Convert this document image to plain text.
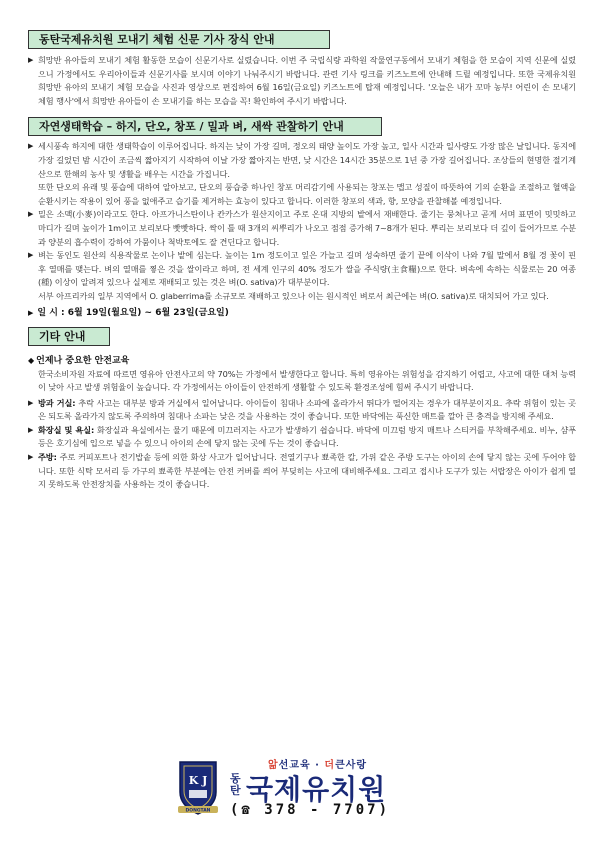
동탄국제유치원 모내기 체험 신문 기사 장식 안내
▶ 희망반 유아들의 모내기 체험 활동한 모습이 신문기사로 실렸습니다. 이번 주 국립식량 과학원 작물연구동에서 모내기 체험을 한 모습이 지역 신문에 실렸으니 가정에서도 우리아이들과 신문기사를 보시며 이야기 나눠주시기 바랍니다. 관련 기사 링크를 키즈노트에 안내해 드릴 예정입니다. 또한 국제유치원 희망반 유아의 모내기 체험 모습을 사진과 영상으로 편집하여 6월 16일(금요일) 키즈노트에 탑재 예정입니다. '오늘은 내가 꼬마 농부! 어린이 손 모내기 체험 행사'에서 희망반 유아들이 손 모내기를 하는 모습을 꼭! 확인하여 주시기 바랍니다.
자연생태학습 – 하지, 단오, 창포 / 밀과 벼, 새싹 관찰하기 안내
▶ 세시풍속 하지에 대한 생태학습이 이루어집니다. 하지는 낮이 가장 길며, 정오의 태양 높이도 가장 높고, 일사 시간과 일사량도 가장 많은 날입니다. 동지에 가장 길었던 밤 시간이 조금씩 짧아지기 시작하여 이날 가장 짧아지는 반면, 낮 시간은 14시간 35분으로 1년 중 가장 길어집니다. 조상들의 현명한 절기계산으로 한해의 농사 및 생활을 배우는 시간을 가집니다.
또한 단오의 유래 및 풍습에 대하여 알아보고, 단오의 풍습중 하나인 창포 머리감기에 사용되는 창포는 맵고 성질이 따뜻하여 기의 순환을 조절하고 혈액을 순환시키는 작용이 있어 풍을 없애주고 습기를 제거하는 효능이 있다고 합니다. 이러한 창포의 색과, 향, 모양을 관찰해볼 예정입니다.
▶ 밀은 소맥(小麥)이라고도 한다. 아프가니스탄이나 칸카스가 원산지이고 주로 온대 지방의 밭에서 재배한다. 줄기는 뭉쳐나고 곧게 서며 표면이 밋밋하고 마디가 길며 높이가 1m이고 보리보다 빳빳하다. 싹이 틀 때 3개의 씨뿌리가 나오고 점점 증가해 7~8개가 된다. 뿌리는 보리보다 더 깊이 들어가므로 수분과 양분의 흡수력이 강하여 가뭄이나 척박토에도 잘 견딘다고 합니다.
▶ 벼는 동인도 원산의 식용작물로 논이나 밭에 심는다. 높이는 1m 정도이고 잎은 가늘고 길며 성숙하면 줄기 끝에 이삭이 나와 7월 말에서 8월 경 꽃이 핀 후 열매를 맺는다. 벼의 열매를 찧은 것을 쌀이라고 하며, 전 세계 인구의 40% 정도가 쌀을 주식량(主食糧)으로 한다. 벼속에 속하는 식물로는 20 여종(種) 이상이 알려져 있으나 실제로 재배되고 있는 것은 벼(O. sativa)가 대부분이다.
서부 아프리카의 일부 지역에서 O. glaberrima를 소규모로 재배하고 있으나 이는 원시적인 벼로서 최근에는 벼(O. sativa)로 대치되어 가고 있다.
▶ 일 시 : 6월 19일(월요일) ~ 6월 23일(금요일)
기타 안내
◆ 언제나 중요한 안전교육
한국소비자원 자료에 따르면 영유아 안전사고의 약 70%는 가정에서 발생한다고 합니다. 특히 영유아는 위험성을 감지하기 어렵고, 사고에 대한 대처 능력이 낮아 사고 발생 위험율이 높습니다. 각 가정에서는 아이들이 안전하게 생활할 수 있도록 환경조성에 힘써 주시기 바랍니다.
▶ 방과 거실: 추락 사고는 대부분 방과 거실에서 일어납니다. 아이들이 침대나 소파에 올라가서 뛰다가 떨어지는 경우가 대부분이지요. 추락 위험이 있는 곳은 되도록 올라가지 않도록 주의하며 침대나 소파는 낮은 것을 사용하는 것이 좋습니다. 또한 바닥에는 푹신한 매트를 깔아 큰 충격을 방지해 주세요.
▶ 화장실 및 욕실: 화장실과 욕실에서는 물기 때문에 미끄러지는 사고가 발생하기 쉽습니다. 바닥에 미끄럼 방지 매트나 스티커를 부착해주세요. 비누, 샴푸 등은 호기심에 입으로 넣을 수 있으니 아이의 손에 닿지 않는 곳에 두는 것이 좋습니다.
▶ 주방: 주로 커피포트나 전기밥솥 등에 의한 화상 사고가 일어납니다. 전열기구나 뾰족한 칼, 가위 같은 주방 도구는 아이의 손에 닿지 않는 곳에 두어야 합니다. 또한 식탁 모서리 등 가구의 뾰족한 부분에는 안전 커버를 씌어 부딪히는 사고에 대비해주세요. 그리고 접시나 도구가 있는 서랍장은 아이가 쉽게 열지 못하도록 안전장치를 사용하는 것이 좋습니다.
K J
DONGTAN
앎선교육 · 더큰사랑
동탄 국제유치원
(☎ 378 - 7707)
